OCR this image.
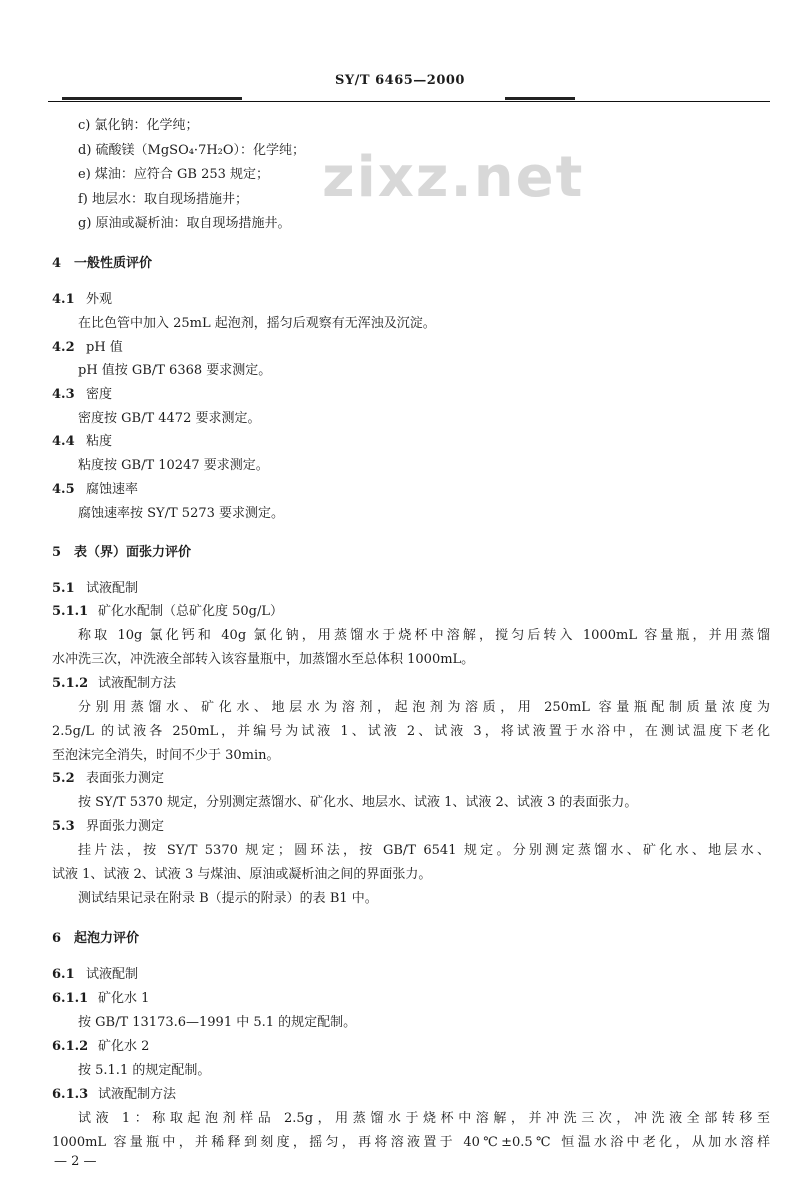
SY/T 6465—2000
zixz.net
c) 氯化钠：化学纯；
d) 硫酸镁（MgSO₄·7H₂O）：化学纯；
e) 煤油：应符合 GB 253 规定；
f) 地层水：取自现场措施井；
g) 原油或凝析油：取自现场措施井。
4 一般性质评价
4.1 外观
在比色管中加入 25mL 起泡剂，摇匀后观察有无浑浊及沉淀。
4.2 pH 值
pH 值按 GB/T 6368 要求测定。
4.3 密度
密度按 GB/T 4472 要求测定。
4.4 粘度
粘度按 GB/T 10247 要求测定。
4.5 腐蚀速率
腐蚀速率按 SY/T 5273 要求测定。
5 表（界）面张力评价
5.1 试液配制
5.1.1 矿化水配制（总矿化度 50g/L）
称取 10g 氯化钙和 40g 氯化钠，用蒸馏水于烧杯中溶解，搅匀后转入 1000mL 容量瓶，并用蒸馏
水冲洗三次，冲洗液全部转入该容量瓶中，加蒸馏水至总体积 1000mL。
5.1.2 试液配制方法
分别用蒸馏水、矿化水、地层水为溶剂，起泡剂为溶质，用 250mL 容量瓶配制质量浓度为
2.5g/L 的试液各 250mL，并编号为试液 1、试液 2、试液 3，将试液置于水浴中，在测试温度下老化
至泡沫完全消失，时间不少于 30min。
5.2 表面张力测定
按 SY/T 5370 规定，分别测定蒸馏水、矿化水、地层水、试液 1、试液 2、试液 3 的表面张力。
5.3 界面张力测定
挂片法，按 SY/T 5370 规定；圆环法，按 GB/T 6541 规定。分别测定蒸馏水、矿化水、地层水、
试液 1、试液 2、试液 3 与煤油、原油或凝析油之间的界面张力。
测试结果记录在附录 B（提示的附录）的表 B1 中。
6 起泡力评价
6.1 试液配制
6.1.1 矿化水 1
按 GB/T 13173.6—1991 中 5.1 的规定配制。
6.1.2 矿化水 2
按 5.1.1 的规定配制。
6.1.3 试液配制方法
试液 1：称取起泡剂样品 2.5g，用蒸馏水于烧杯中溶解，并冲洗三次，冲洗液全部转移至
1000mL 容量瓶中，并稀释到刻度，摇匀，再将溶液置于 40℃±0.5℃ 恒温水浴中老化，从加水溶样
— 2 —
